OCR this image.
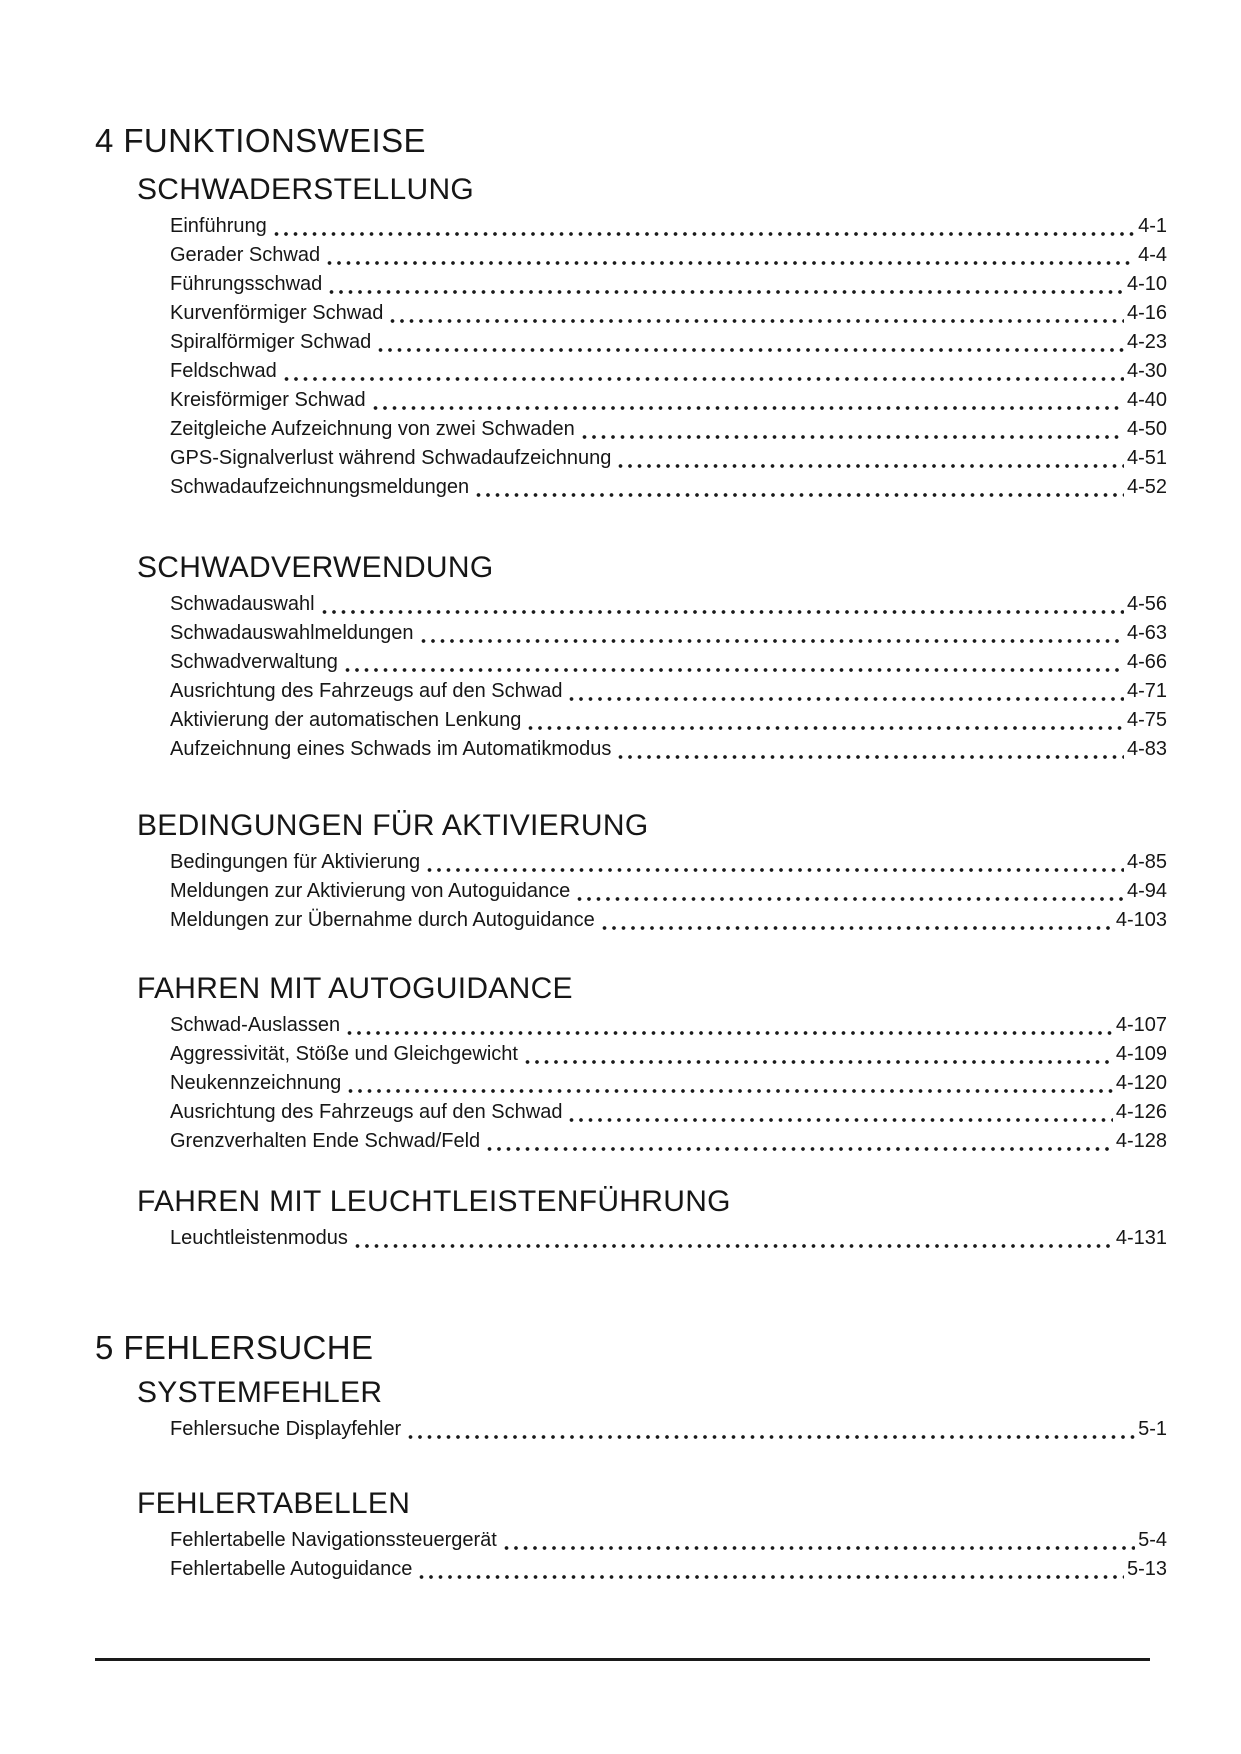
4 FUNKTIONSWEISE
SCHWADERSTELLUNG
Einführung	4-1
Gerader Schwad	4-4
Führungsschwad	4-10
Kurvenförmiger Schwad	4-16
Spiralförmiger Schwad	4-23
Feldschwad	4-30
Kreisförmiger Schwad	4-40
Zeitgleiche Aufzeichnung von zwei Schwaden	4-50
GPS-Signalverlust während Schwadaufzeichnung	4-51
Schwadaufzeichnungsmeldungen	4-52
SCHWADVERWENDUNG
Schwadauswahl	4-56
Schwadauswahlmeldungen	4-63
Schwadverwaltung	4-66
Ausrichtung des Fahrzeugs auf den Schwad	4-71
Aktivierung der automatischen Lenkung	4-75
Aufzeichnung eines Schwads im Automatikmodus	4-83
BEDINGUNGEN FÜR AKTIVIERUNG
Bedingungen für Aktivierung	4-85
Meldungen zur Aktivierung von Autoguidance	4-94
Meldungen zur Übernahme durch Autoguidance	4-103
FAHREN MIT AUTOGUIDANCE
Schwad-Auslassen	4-107
Aggressivität, Stöße und Gleichgewicht	4-109
Neukennzeichnung	4-120
Ausrichtung des Fahrzeugs auf den Schwad	4-126
Grenzverhalten Ende Schwad/Feld	4-128
FAHREN MIT LEUCHTLEISTENFÜHRUNG
Leuchtleistenmodus	4-131
5 FEHLERSUCHE
SYSTEMFEHLER
Fehlersuche Displayfehler	5-1
FEHLERTABELLEN
Fehlertabelle Navigationssteuergerät	5-4
Fehlertabelle Autoguidance	5-13
